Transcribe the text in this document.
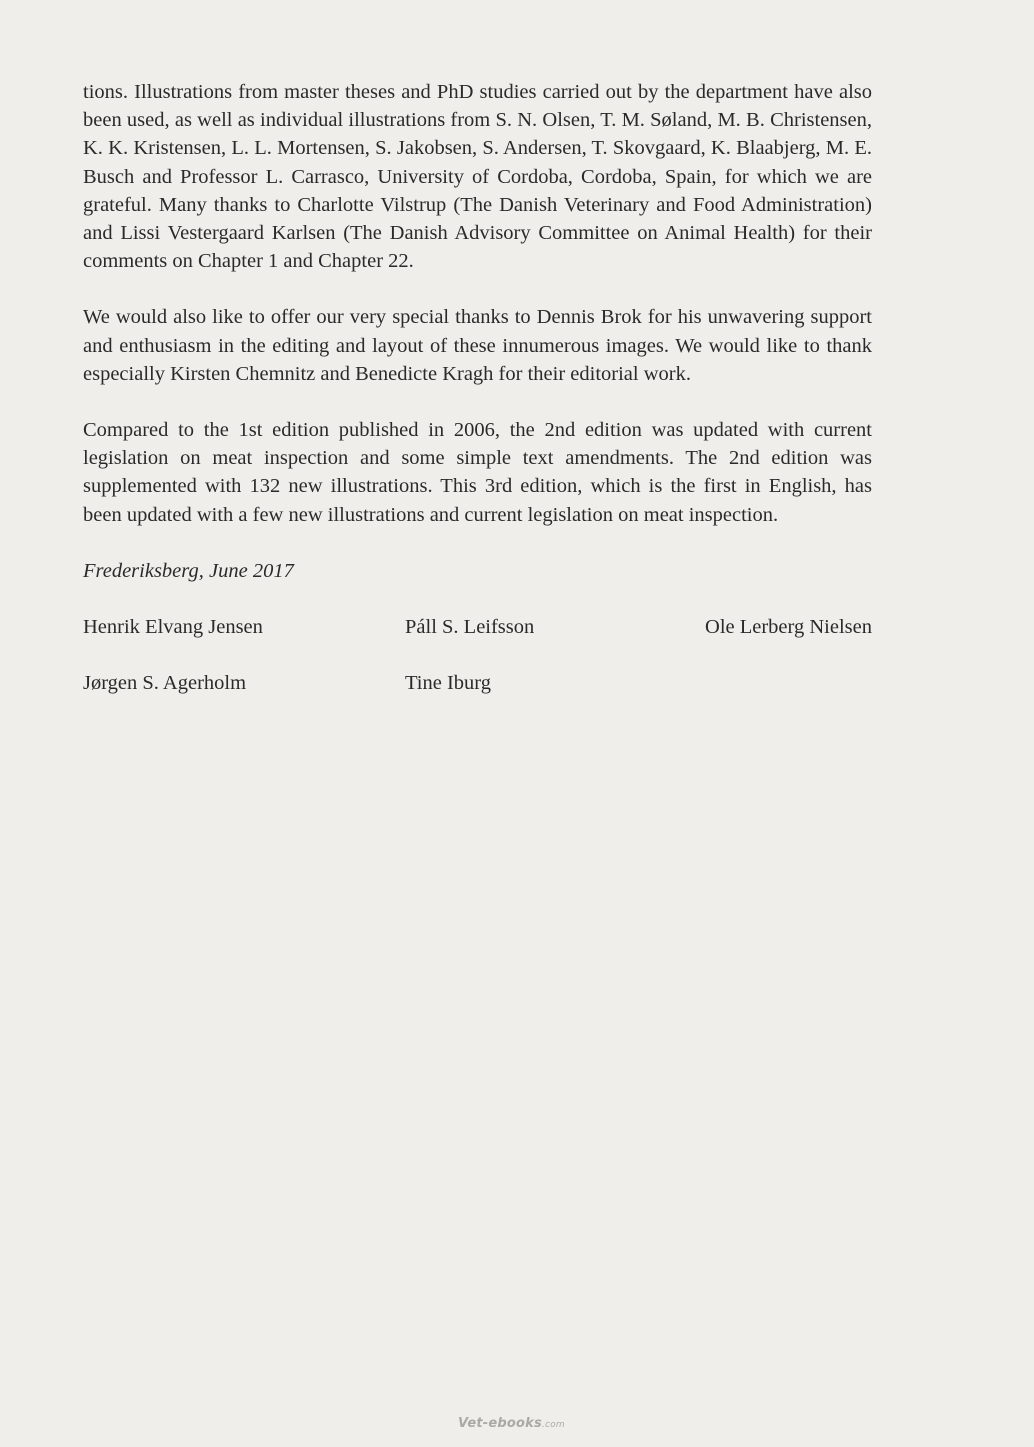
tions. Illustrations from master theses and PhD studies carried out by the department have also been used, as well as individual illustrations from S. N. Olsen, T. M. Søland, M. B. Christensen, K. K. Kristensen, L. L. Mortensen, S. Jakobsen, S. Andersen, T. Skovgaard, K. Blaabjerg, M. E. Busch and Professor L. Carrasco, University of Cordoba, Cordoba, Spain, for which we are grateful. Many thanks to Charlotte Vilstrup (The Danish Veterinary and Food Administration) and Lissi Vestergaard Karlsen (The Danish Advisory Committee on Animal Health) for their comments on Chapter 1 and Chapter 22.

We would also like to offer our very special thanks to Dennis Brok for his unwavering support and enthusiasm in the editing and layout of these innumerous images. We would like to thank especially Kirsten Chemnitz and Benedicte Kragh for their editorial work.

Compared to the 1st edition published in 2006, the 2nd edition was updated with current legislation on meat inspection and some simple text amendments. The 2nd edition was supplemented with 132 new illustrations. This 3rd edition, which is the first in English, has been updated with a few new illustrations and current legislation on meat inspection.

Frederiksberg, June 2017

Henrik Elvang Jensen	Páll S. Leifsson	Ole Lerberg Nielsen
Jørgen S. Agerholm	Tine Iburg
Vet-ebooks.com
